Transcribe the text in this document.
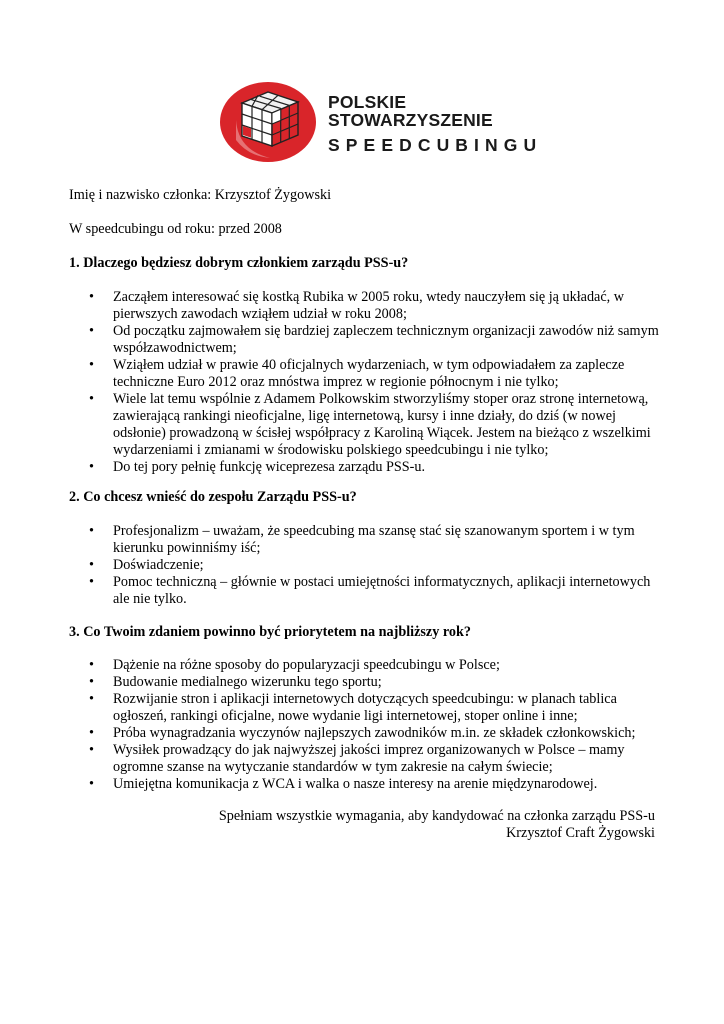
POLSKIE STOWARZYSZENIE
SPEEDCUBINGU
Imię i nazwisko członka: Krzysztof Żygowski
W speedcubingu od roku: przed 2008
1. Dlaczego będziesz dobrym członkiem zarządu PSS-u?
• Zacząłem interesować się kostką Rubika w 2005 roku, wtedy nauczyłem się ją układać, w pierwszych zawodach wziąłem udział w roku 2008;
• Od początku zajmowałem się bardziej zapleczem technicznym organizacji zawodów niż samym współzawodnictwem;
• Wziąłem udział w prawie 40 oficjalnych wydarzeniach, w tym odpowiadałem za zaplecze techniczne Euro 2012 oraz mnóstwa imprez w regionie północnym i nie tylko;
• Wiele lat temu wspólnie z Adamem Polkowskim stworzyliśmy stoper oraz stronę internetową, zawierającą rankingi nieoficjalne, ligę internetową, kursy i inne działy, do dziś (w nowej odsłonie) prowadzoną w ścisłej współpracy z Karoliną Wiącek. Jestem na bieżąco z wszelkimi wydarzeniami i zmianami w środowisku polskiego speedcubingu i nie tylko;
• Do tej pory pełnię funkcję wiceprezesa zarządu PSS-u.
2. Co chcesz wnieść do zespołu Zarządu PSS-u?
• Profesjonalizm – uważam, że speedcubing ma szansę stać się szanowanym sportem i w tym kierunku powinniśmy iść;
• Doświadczenie;
• Pomoc techniczną – głównie w postaci umiejętności informatycznych, aplikacji internetowych ale nie tylko.
3. Co Twoim zdaniem powinno być priorytetem na najbliższy rok?
• Dążenie na różne sposoby do popularyzacji speedcubingu w Polsce;
• Budowanie medialnego wizerunku tego sportu;
• Rozwijanie stron i aplikacji internetowych dotyczących speedcubingu: w planach tablica ogłoszeń, rankingi oficjalne, nowe wydanie ligi internetowej, stoper online i inne;
• Próba wynagradzania wyczynów najlepszych zawodników m.in. ze składek członkowskich;
• Wysiłek prowadzący do jak najwyższej jakości imprez organizowanych w Polsce – mamy ogromne szanse na wytyczanie standardów w tym zakresie na całym świecie;
• Umiejętna komunikacja z WCA i walka o nasze interesy na arenie międzynarodowej.
Spełniam wszystkie wymagania, aby kandydować na członka zarządu PSS-u
Krzysztof Craft Żygowski
